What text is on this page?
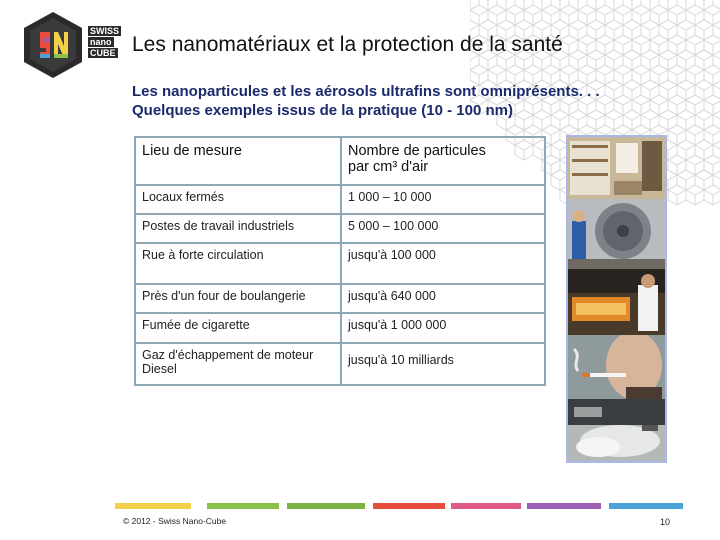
SWISS
nano
CUBE Les nanomatériaux et la protection de la santé
Les nanoparticules et les aérosols ultrafins sont omniprésents. . .
Quelques exemples issus de la pratique (10 - 100 nm)
Lieu de mesure	Nombre de particules
par cm³ d'air

Locaux fermés	1 000 – 10 000
Postes de travail industriels	5 000 – 100 000
Rue à forte circulation	jusqu'à 100 000
Près d'un four de boulangerie	jusqu'à 640 000
Fumée de cigarette	jusqu'à 1 000 000
Gaz d'échappement de moteur Diesel	jusqu'à 10 milliards
© 2012 - Swiss Nano-Cube	10
